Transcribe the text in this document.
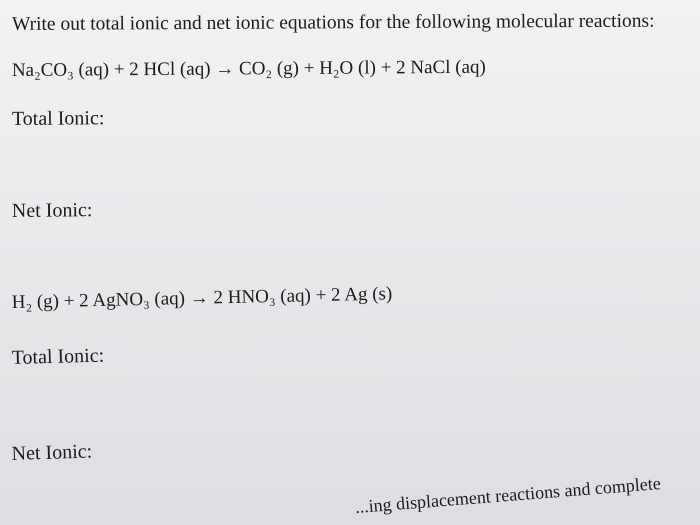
Write out total ionic and net ionic equations for the following molecular reactions:
Na₂CO₃ (aq) + 2 HCl (aq) → CO₂ (g) + H₂O (l) + 2 NaCl (aq)
Total Ionic:
Net Ionic:
H₂ (g) + 2 AgNO₃ (aq) → 2 HNO₃ (aq) + 2 Ag (s)
Total Ionic:
Net Ionic:
...ing displacement reactions and complete
